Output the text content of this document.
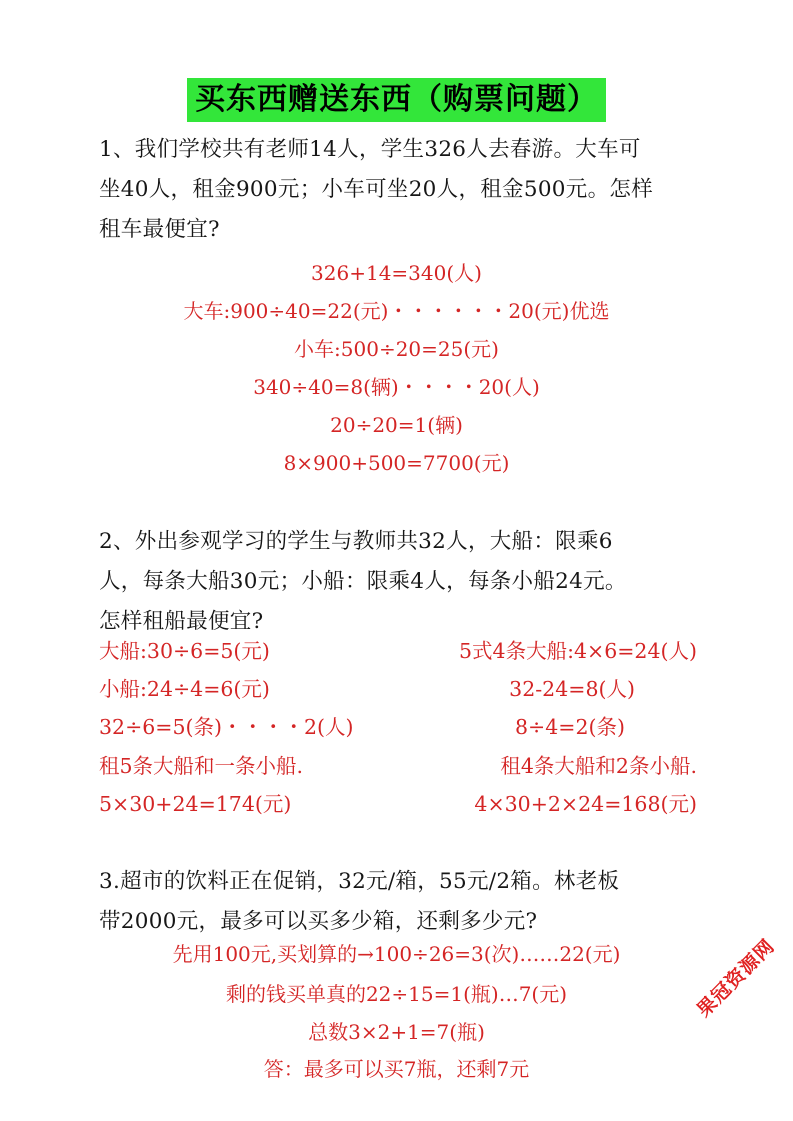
买东西赠送东西（购票问题）
1、我们学校共有老师14人，学生326人去春游。大车可
坐40人，租金900元；小车可坐20人，租金500元。怎样
租车最便宜?
326+14=340(人)
大车:900÷40=22(元)・・・・・・20(元)优选
小车:500÷20=25(元)
340÷40=8(辆)・・・・20(人)
20÷20=1(辆)
8×900+500=7700(元)
2、外出参观学习的学生与教师共32人，大船：限乘6
人，每条大船30元；小船：限乘4人，每条小船24元。
怎样租船最便宜?
大船:30÷6=5(元)
小船:24÷4=6(元)
32÷6=5(条)・・・・2(人)
租5条大船和一条小船.
5×30+24=174(元)
5式4条大船:4×6=24(人)
32-24=8(人)
8÷4=2(条)
租4条大船和2条小船.
4×30+2×24=168(元)
3.超市的饮料正在促销，32元/箱，55元/2箱。林老板
带2000元，最多可以买多少箱，还剩多少元?
先用100元,买划算的→100÷26=3(次)……22(元)
剩的钱买单真的22÷15=1(瓶)…7(元)
总数3×2+1=7(瓶)
答：最多可以买7瓶，还剩7元
果冠资源网
